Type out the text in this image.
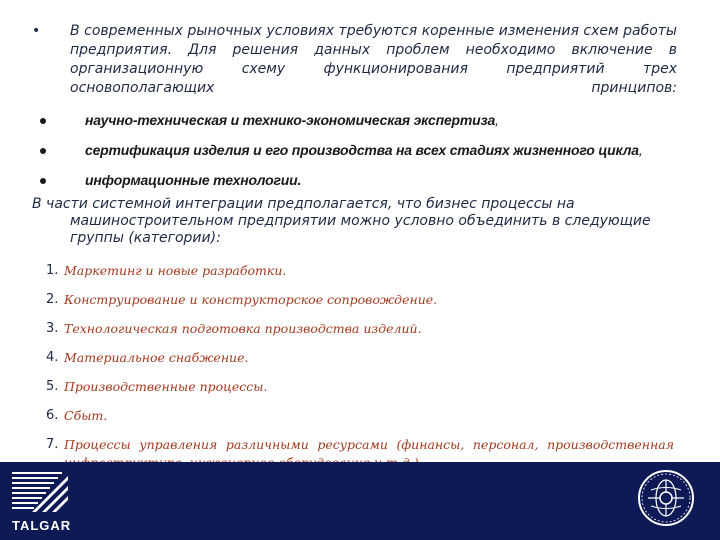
• В современных рыночных условиях требуются коренные изменения схем работы предприятия. Для решения данных проблем необходимо включение в организационную схему функционирования предприятий трех основополагающих принципов:
научно-техническая и технико-экономическая экспертиза,
сертификация изделия и его производства на всех стадиях жизненного цикла,
информационные технологии.
В части системной интеграции предполагается, что бизнес процессы на
машиностроительном предприятии можно условно объединить в следующие группы (категории):
1. Маркетинг и новые разработки.
2. Конструирование и конструкторское сопровождение.
3. Технологическая подготовка производства изделий.
4. Материальное снабжение.
5. Производственные процессы.
6. Сбыт.
7. Процессы управления различными ресурсами (финансы, персонал, производственная
TALGAR
